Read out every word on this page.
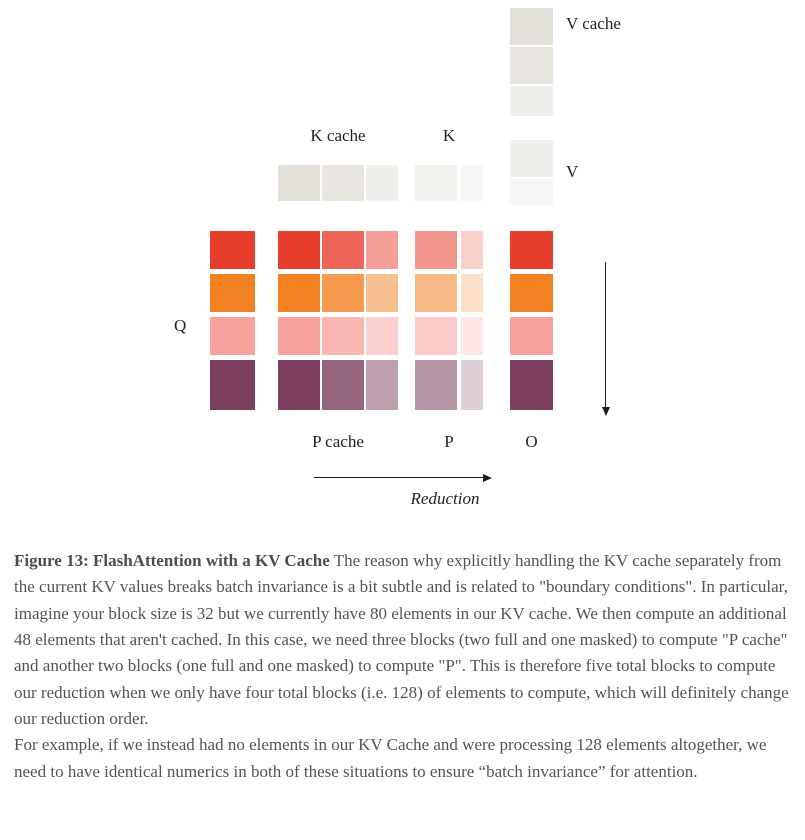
V cache
V
K cache	K
Q
P cache	P	O
Reduction

Figure 13: FlashAttention with a KV Cache The reason why explicitly handling the KV cache separately from the current KV values breaks batch invariance is a bit subtle and is related to "boundary conditions". In particular, imagine your block size is 32 but we currently have 80 elements in our KV cache. We then compute an additional 48 elements that aren't cached. In this case, we need three blocks (two full and one masked) to compute "P cache" and another two blocks (one full and one masked) to compute "P". This is therefore five total blocks to compute our reduction when we only have four total blocks (i.e. 128) of elements to compute, which will definitely change our reduction order.

For example, if we instead had no elements in our KV Cache and were processing 128 elements altogether, we need to have identical numerics in both of these situations to ensure “batch invariance” for attention.
